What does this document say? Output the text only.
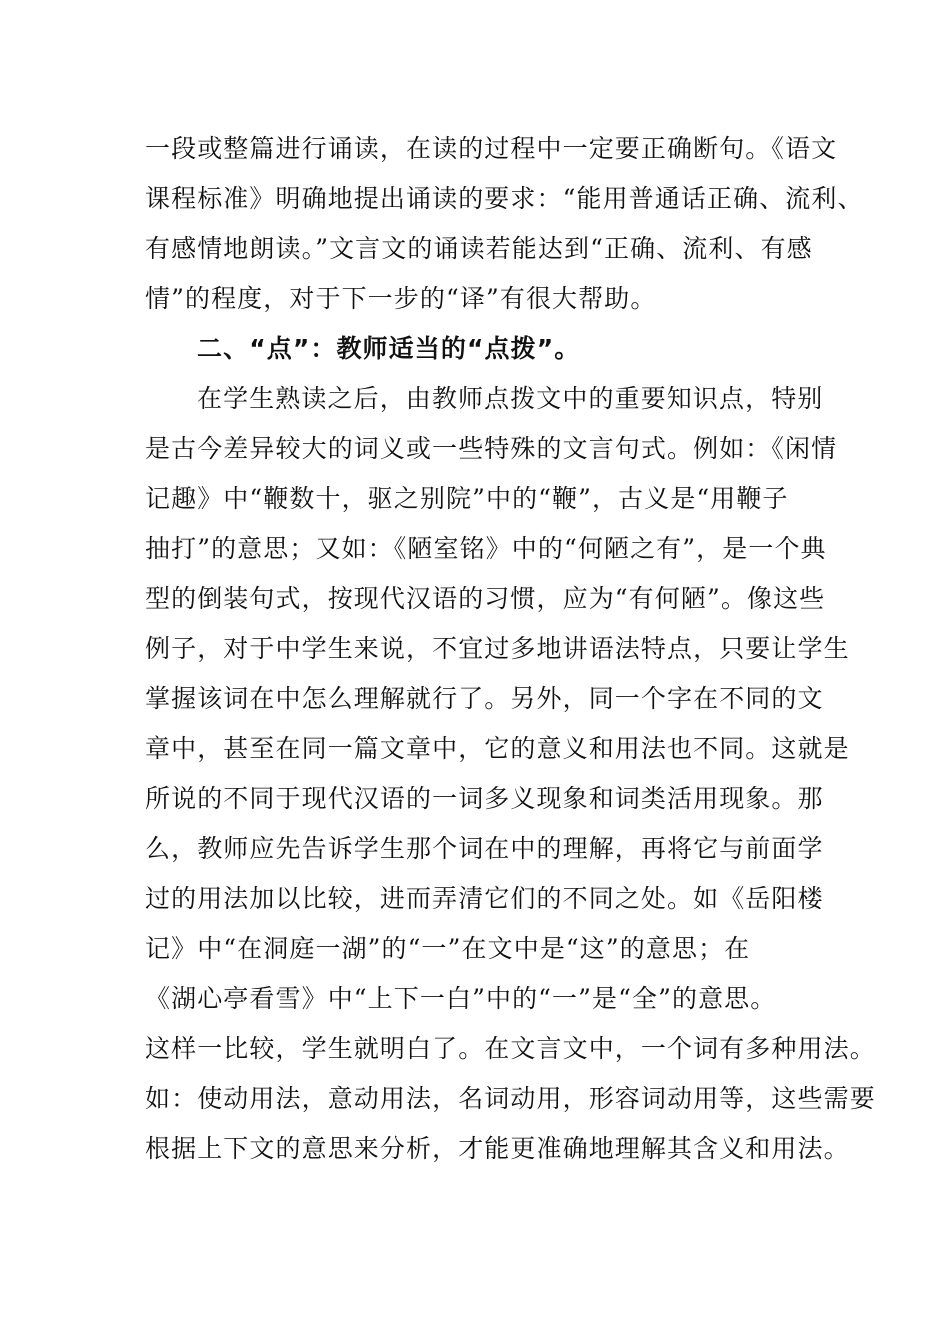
一段或整篇进行诵读，在读的过程中一定要正确断句。《语文
课程标准》明确地提出诵读的要求：“能用普通话正确、流利、
有感情地朗读。”文言文的诵读若能达到“正确、流利、有感
情”的程度，对于下一步的“译”有很大帮助。
二、“点”：教师适当的“点拨”。
在学生熟读之后，由教师点拨文中的重要知识点，特别
是古今差异较大的词义或一些特殊的文言句式。例如：《闲情
记趣》中“鞭数十，驱之别院”中的“鞭”，古义是“用鞭子
抽打”的意思；又如：《陋室铭》中的“何陋之有”，是一个典
型的倒装句式，按现代汉语的习惯，应为“有何陋”。像这些
例子，对于中学生来说，不宜过多地讲语法特点，只要让学生
掌握该词在中怎么理解就行了。另外，同一个字在不同的文
章中，甚至在同一篇文章中，它的意义和用法也不同。这就是
所说的不同于现代汉语的一词多义现象和词类活用现象。那
么，教师应先告诉学生那个词在中的理解，再将它与前面学
过的用法加以比较，进而弄清它们的不同之处。如《岳阳楼
记》中“在洞庭一湖”的“一”在文中是“这”的意思；在
《湖心亭看雪》中“上下一白”中的“一”是“全”的意思。
这样一比较，学生就明白了。在文言文中，一个词有多种用法。
如：使动用法，意动用法，名词动用，形容词动用等，这些需要
根据上下文的意思来分析，才能更准确地理解其含义和用法。
